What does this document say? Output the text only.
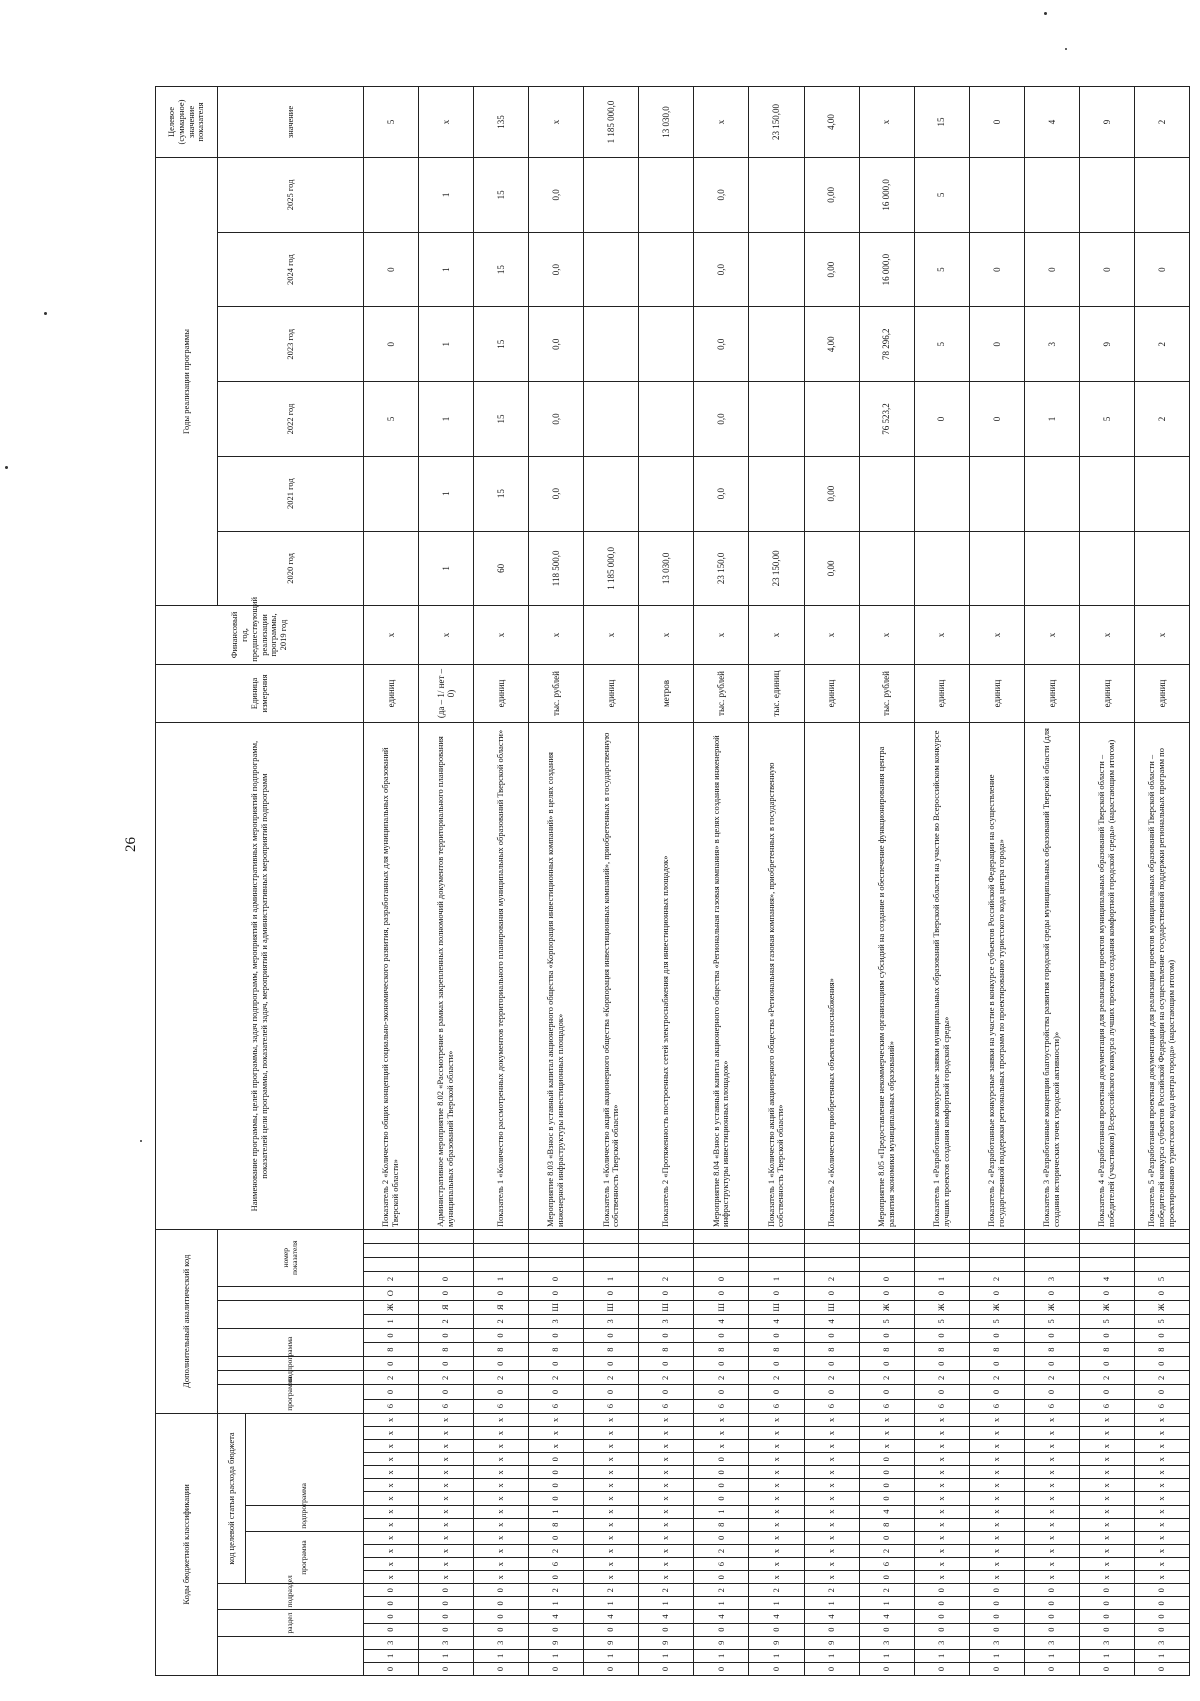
26
Коды бюджетной классификации																				Дополнительный аналитический код													Наименование программы, целей программы, задач подпрограмм, мероприятий и административных мероприятий подпрограмм, показателей цели программы, показателей задач, мероприятий и административных мероприятий подпрограмм	Единица измерения	Финансовый год, предшествующий реализации программы, 2019 год	Годы реализации программы						Целевое (суммарное) значение показателя
			раздел		подраздел		код целевой статьи расхода бюджета													программа		подпрограмма							номер показателя							2020 год	2021 год	2022 год	2023 год	2024 год	2025 год	значение
							программа				подпрограмма																															
0	1	3	0	0	0	0	х	х	х	х	х	х	х	х	х	х	х	х	х	6	0	2	0	8	0	1	Ж	О	2				Показатель 2 «Количество общих концепций социально-экономического развития, разработанных для муниципальных образований Тверской области»	единиц	х			5	0	0		5
0	1	3	0	0	0	0	х	х	х	х	х	х	х	х	х	х	х	х	х	6	0	2	0	8	0	2	Я	0	0				Административное мероприятие 8.02 «Рассмотрение в рамках закрепленных полномочий документов территориального планирования муниципальных образований Тверской области»	(да – 1/ нет – 0)	х	1	1	1	1	1	1	х
0	1	3	0	0	0	0	х	х	х	х	х	х	х	х	х	х	х	х	х	6	0	2	0	8	0	2	Я	0	1				Показатель 1 «Количество рассмотренных документов территориального планирования муниципальных образований Тверской области»	единиц	х	60	15	15	15	15	15	135
0	1	9	0	4	1	2	0	6	2	0	8	1	0	0	0	0	х	х	х	6	0	2	0	8	0	3	Ш	0	0				Мероприятие 8.03 «Взнос в уставный капитал акционерного общества «Корпорация инвестиционных компаний» в целях создания инженерной инфраструктуры инвестиционных площадок»	тыс. рублей	х	118 500,0	0,0	0,0	0,0	0,0	0,0	х
0	1	9	0	4	1	2	х	х	х	х	х	х	х	х	х	х	х	х	х	6	0	2	0	8	0	3	Ш	0	1				Показатель 1 «Количество акций акционерного общества «Корпорация инвестиционных компаний», приобретенных в государственную собственность Тверской области»	единиц	х	1 185 000,0						1 185 000,0
0	1	9	0	4	1	2	х	х	х	х	х	х	х	х	х	х	х	х	х	6	0	2	0	8	0	3	Ш	0	2				Показатель 2 «Протяженность построенных сетей электроснабжения для инвестиционных площадок»	метров	х	13 030,0						13 030,0
0	1	9	0	4	1	2	0	6	2	0	8	1	0	0	0	0	х	х	х	6	0	2	0	8	0	4	Ш	0	0				Мероприятие 8.04 «Взнос в уставный капитал акционерного общества «Региональная газовая компания» в целях создания инженерной инфраструктуры инвестиционных площадок»	тыс. рублей	х	23 150,0	0,0	0,0	0,0	0,0	0,0	х
0	1	9	0	4	1	2	х	х	х	х	х	х	х	х	х	х	х	х	х	6	0	2	0	8	0	4	Ш	0	1				Показатель 1 «Количество акций акционерного общества «Региональная газовая компания», приобретенных в государственную собственность Тверской области»	тыс. единиц	х	23 150,00						23 150,00
0	1	9	0	4	1	2	х	х	х	х	х	х	х	х	х	х	х	х	х	6	0	2	0	8	0	4	Ш	0	2				Показатель 2 «Количество приобретенных объектов газоснабжения»	единиц	х	0,00	0,00		4,00	0,00	0,00	4,00
0	1	3	0	4	1	2	0	6	2	0	8	4	0	0	0	0	х	х	х	6	0	2	0	8	0	5	Ж	0	0				Мероприятие 8.05 «Предоставление некоммерческим организациям субсидий на создание и обеспечение функционирования центра развития экономики муниципальных образований»	тыс. рублей	х			76 523,2	78 296,2	16 000,0	16 000,0	х
0	1	3	0	0	0	0	х	х	х	х	х	х	х	х	х	х	х	х	х	6	0	2	0	8	0	5	Ж	0	1				Показатель 1 «Разработанные конкурсные заявки муниципальных образований Тверской области на участие во Всероссийском конкурсе лучших проектов создания комфортной городской среды»	единиц	х			0	5	5	5	15
0	1	3	0	0	0	0	х	х	х	х	х	х	х	х	х	х	х	х	х	6	0	2	0	8	0	5	Ж	0	2				Показатель 2 «Разработанные конкурсные заявки на участие в конкурсе субъектов Российской Федерации на осуществление государственной поддержки региональных программ по проектированию туристского кода центра города»	единиц	х			0	0	0		0
0	1	3	0	0	0	0	х	х	х	х	х	х	х	х	х	х	х	х	х	6	0	2	0	8	0	5	Ж	0	3				Показатель 3 «Разработанные концепции благоустройства развития городской среды муниципальных образований Тверской области (для создания исторических точек городской активности)»	единиц	х			1	3	0		4
0	1	3	0	0	0	0	х	х	х	х	х	х	х	х	х	х	х	х	х	6	0	2	0	8	0	5	Ж	0	4				Показатель 4 «Разработанная проектная документация для реализации проектов муниципальных образований Тверской области – победителей (участников) Всероссийского конкурса лучших проектов создания комфортной городской среды» (нарастающим итогом)	единиц	х			5	9	0		9
0	1	3	0	0	0	0	х	х	х	х	х	х	х	х	х	х	х	х	х	6	0	2	0	8	0	5	Ж	0	5				Показатель 5 «Разработанная проектная документация для реализации проектов муниципальных образований Тверской области – победителей конкурса субъектов Российской Федерации на осуществление государственной поддержки региональных программ по проектированию туристского кода центра города» (нарастающим итогом)	единиц	х			2	2	0		2
